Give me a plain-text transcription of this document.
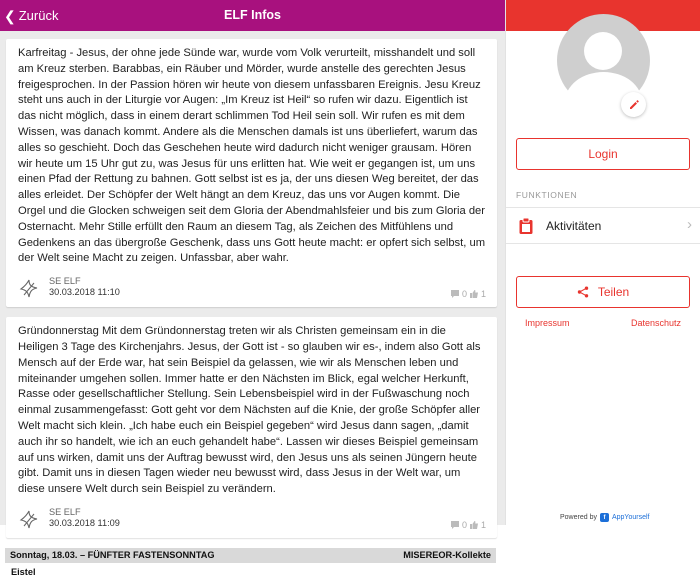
❮ Zurück	ELF Infos
Karfreitag - Jesus, der ohne jede Sünde war, wurde vom Volk verurteilt, misshandelt und soll am Kreuz sterben. Barabbas, ein Räuber und Mörder, wurde anstelle des gerechten Jesus freigesprochen. In der Passion hören wir heute von diesem unfassbaren Ereignis. Jesu Kreuz steht uns auch in der Liturgie vor Augen: „Im Kreuz ist Heil“ so rufen wir dazu. Eigentlich ist das nicht möglich, dass in einem derart schlimmen Tod Heil sein soll. Wir rufen es mit dem Wissen, was danach kommt. Andere als die Menschen damals ist uns überliefert, warum das alles so geschieht. Doch das Geschehen heute wird dadurch nicht weniger grausam. Hören wir heute um 15 Uhr gut zu, was Jesus für uns erlitten hat. Wie weit er gegangen ist, um uns einen Pfad der Rettung zu bahnen. Gott selbst ist es ja, der uns diesen Weg bereitet, der das alles erleidet. Der Schöpfer der Welt hängt an dem Kreuz, das uns vor Augen kommt. Die Orgel und die Glocken schweigen seit dem Gloria der Abendmahlsfeier und bis zum Gloria der Osternacht. Mehr Stille erfüllt den Raum an diesem Tag, als Zeichen des Mitfühlens und Gedenkens an das übergroße Geschenk, dass uns Gott heute macht: er opfert sich selbst, um der Welt seine Macht zu zeigen. Unfassbar, aber wahr.
SE ELF
30.03.2018 11:10	0 1
Gründonnerstag Mit dem Gründonnerstag treten wir als Christen gemeinsam ein in die Heiligen 3 Tage des Kirchenjahrs. Jesus, der Gott ist - so glauben wir es-, indem also Gott als Mensch auf der Erde war, hat sein Beispiel da gelassen, wie wir als Menschen leben und miteinander umgehen sollen. Immer hatte er den Nächsten im Blick, egal welcher Herkunft, Rasse oder gesellschaftlicher Stellung. Sein Lebensbeispiel wird in der Fußwaschung noch einmal zusammengefasst: Gott geht vor dem Nächsten auf die Knie, der große Schöpfer aller Welt macht sich klein. „Ich habe euch ein Beispiel gegeben“ wird Jesus dann sagen, „damit auch ihr so handelt, wie ich an euch gehandelt habe“. Lassen wir dieses Beispiel gemeinsam auf uns wirken, damit uns der Auftrag bewusst wird, den Jesus uns als seinen Jüngern heute gibt. Damit uns in diesen Tagen wieder neu bewusst wird, dass Jesus in der Welt war, um diese unsere Welt durch sein Beispiel zu verändern.
SE ELF
30.03.2018 11:09	0 1
Sonntag, 18.03. – FÜNFTER FASTENSONNTAG	MISEREOR-Kollekte
Eistel
Login
FUNKTIONEN
Aktivitäten	›
Teilen
Impressum	Datenschutz
Powered by	f AppYourself
